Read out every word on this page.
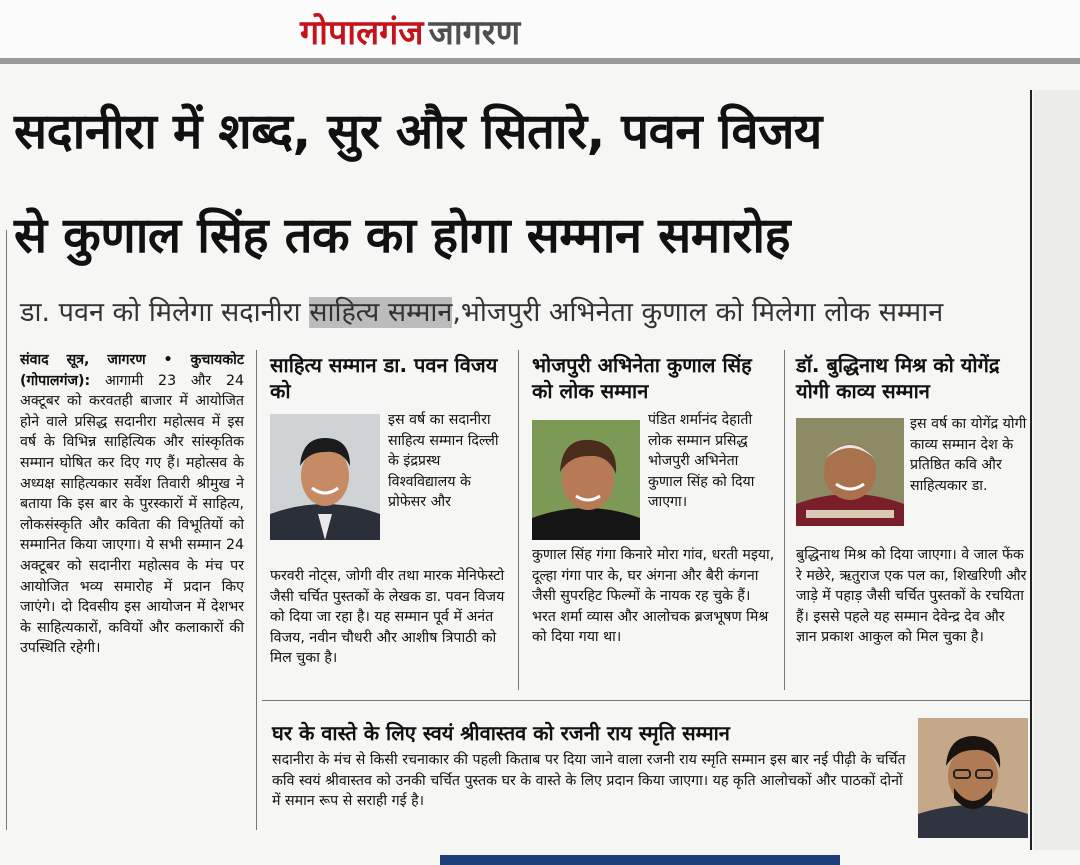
गोपालगंज जागरण
सदानीरा में शब्द, सुर और सितारे, पवन विजय
से कुणाल सिंह तक का होगा सम्मान समारोह
डा. पवन को मिलेगा सदानीरा साहित्य सम्मान,भोजपुरी अभिनेता कुणाल को मिलेगा लोक सम्मान
संवाद सूत्र, जागरण • कुचायकोट (गोपालगंज): आगामी 23 और 24 अक्टूबर को करवतही बाजार में आयोजित होने वाले प्रसिद्ध सदानीरा महोत्सव में इस वर्ष के विभिन्न साहित्यिक और सांस्कृतिक सम्मान घोषित कर दिए गए हैं। महोत्सव के अध्यक्ष साहित्यकार सर्वेश तिवारी श्रीमुख ने बताया कि इस बार के पुरस्कारों में साहित्य, लोकसंस्कृति और कविता की विभूतियों को सम्मानित किया जाएगा। ये सभी सम्मान 24 अक्टूबर को सदानीरा महोत्सव के मंच पर आयोजित भव्य समारोह में प्रदान किए जाएंगे। दो दिवसीय इस आयोजन में देशभर के साहित्यकारों, कवियों और कलाकारों की उपस्थिति रहेगी।
साहित्य सम्मान डा. पवन विजय को
इस वर्ष का सदानीरा साहित्य सम्मान दिल्ली के इंद्रप्रस्थ विश्वविद्यालय के प्रोफेसर और
फरवरी नोट्स, जोगी वीर तथा मारक मेनिफेस्टो जैसी चर्चित पुस्तकों के लेखक डा. पवन विजय को दिया जा रहा है। यह सम्मान पूर्व में अनंत विजय, नवीन चौधरी और आशीष त्रिपाठी को मिल चुका है।
भोजपुरी अभिनेता कुणाल सिंह को लोक सम्मान
पंडित शर्मानंद देहाती लोक सम्मान प्रसिद्ध भोजपुरी अभिनेता कुणाल सिंह को दिया जाएगा।
कुणाल सिंह गंगा किनारे मोरा गांव, धरती मइया, दूल्हा गंगा पार के, घर अंगना और बैरी कंगना जैसी सुपरहिट फिल्मों के नायक रह चुके हैं। भरत शर्मा व्यास और आलोचक ब्रजभूषण मिश्र को दिया गया था।
डॉ. बुद्धिनाथ मिश्र को योगेंद्र योगी काव्य सम्मान
इस वर्ष का योगेंद्र योगी काव्य सम्मान देश के प्रतिष्ठित कवि और साहित्यकार डा.
बुद्धिनाथ मिश्र को दिया जाएगा। वे जाल फेंक रे मछेरे, ऋतुराज एक पल का, शिखरिणी और जाड़े में पहाड़ जैसी चर्चित पुस्तकों के रचयिता हैं। इससे पहले यह सम्मान देवेन्द्र देव और ज्ञान प्रकाश आकुल को मिल चुका है।
घर के वास्ते के लिए स्वयं श्रीवास्तव को रजनी राय स्मृति सम्मान
सदानीरा के मंच से किसी रचनाकार की पहली किताब पर दिया जाने वाला रजनी राय स्मृति सम्मान इस बार नई पीढ़ी के चर्चित कवि स्वयं श्रीवास्तव को उनकी चर्चित पुस्तक घर के वास्ते के लिए प्रदान किया जाएगा। यह कृति आलोचकों और पाठकों दोनों में समान रूप से सराही गई है।
